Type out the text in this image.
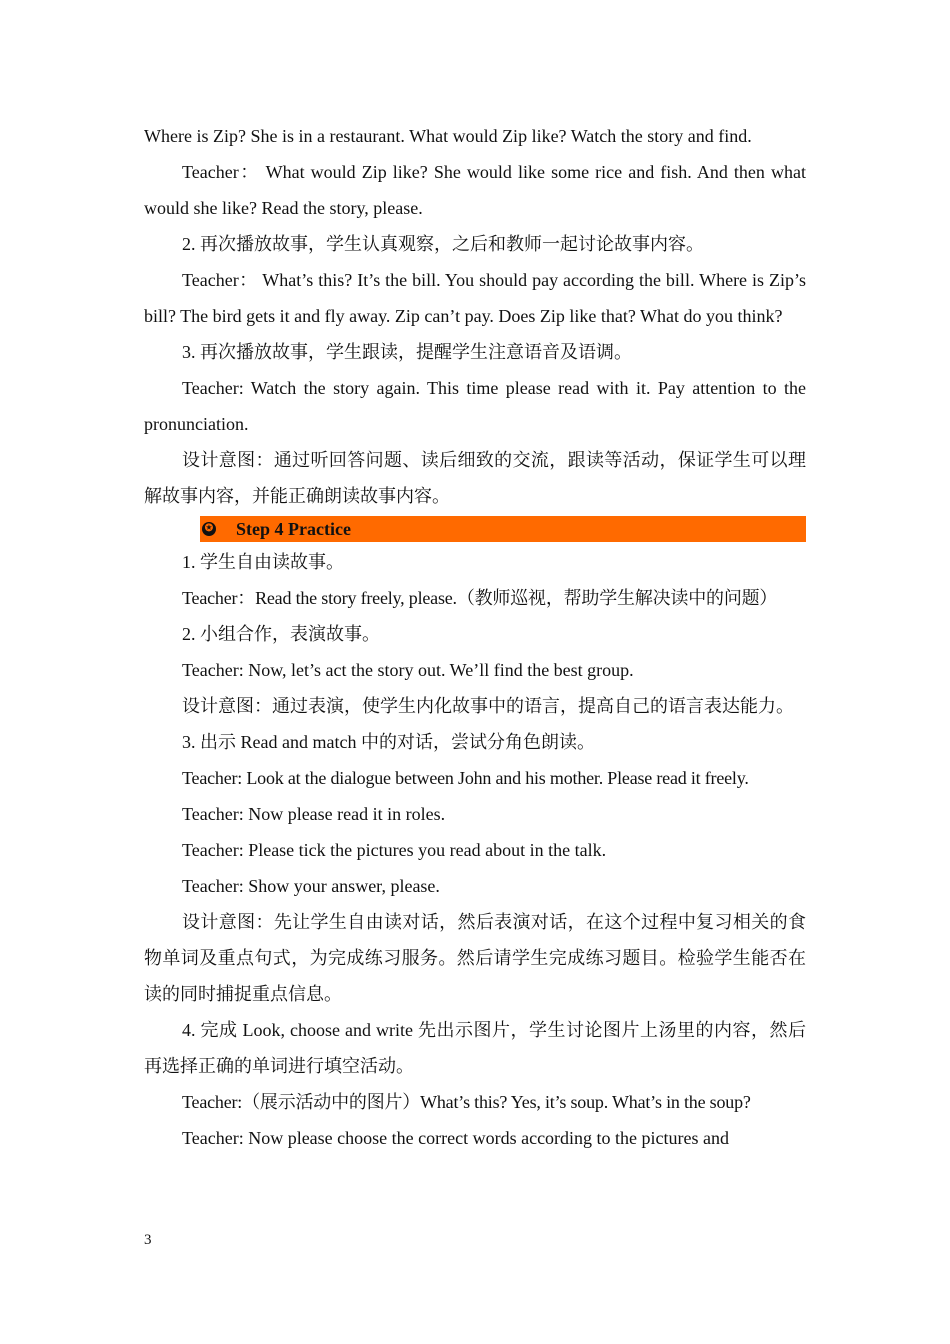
Where is Zip? She is in a restaurant. What would Zip like? Watch the story and find.

Teacher： What would Zip like? She would like some rice and fish. And then what would she like? Read the story, please.

2. 再次播放故事，学生认真观察，之后和教师一起讨论故事内容。

Teacher： What’s this? It’s the bill. You should pay according the bill. Where is Zip’s bill? The bird gets it and fly away. Zip can’t pay. Does Zip like that? What do you think?

3. 再次播放故事，学生跟读，提醒学生注意语音及语调。

Teacher: Watch the story again. This time please read with it. Pay attention to the pronunciation.

设计意图：通过听回答问题、读后细致的交流，跟读等活动，保证学生可以理解故事内容，并能正确朗读故事内容。

✪ Step 4 Practice

1. 学生自由读故事。

Teacher：Read the story freely, please.（教师巡视，帮助学生解决读中的问题）

2. 小组合作，表演故事。

Teacher: Now, let’s act the story out. We’ll find the best group.

设计意图：通过表演，使学生内化故事中的语言，提高自己的语言表达能力。

3. 出示 Read and match 中的对话，尝试分角色朗读。

Teacher: Look at the dialogue between John and his mother. Please read it freely.

Teacher: Now please read it in roles.

Teacher: Please tick the pictures you read about in the talk.

Teacher: Show your answer, please.

设计意图：先让学生自由读对话，然后表演对话，在这个过程中复习相关的食物单词及重点句式，为完成练习服务。然后请学生完成练习题目。检验学生能否在读的同时捕捉重点信息。

4. 完成 Look, choose and write 先出示图片，学生讨论图片上汤里的内容，然后再选择正确的单词进行填空活动。

Teacher:（展示活动中的图片）What’s this? Yes, it’s soup. What’s in the soup?

Teacher: Now please choose the correct words according to the pictures and

3
